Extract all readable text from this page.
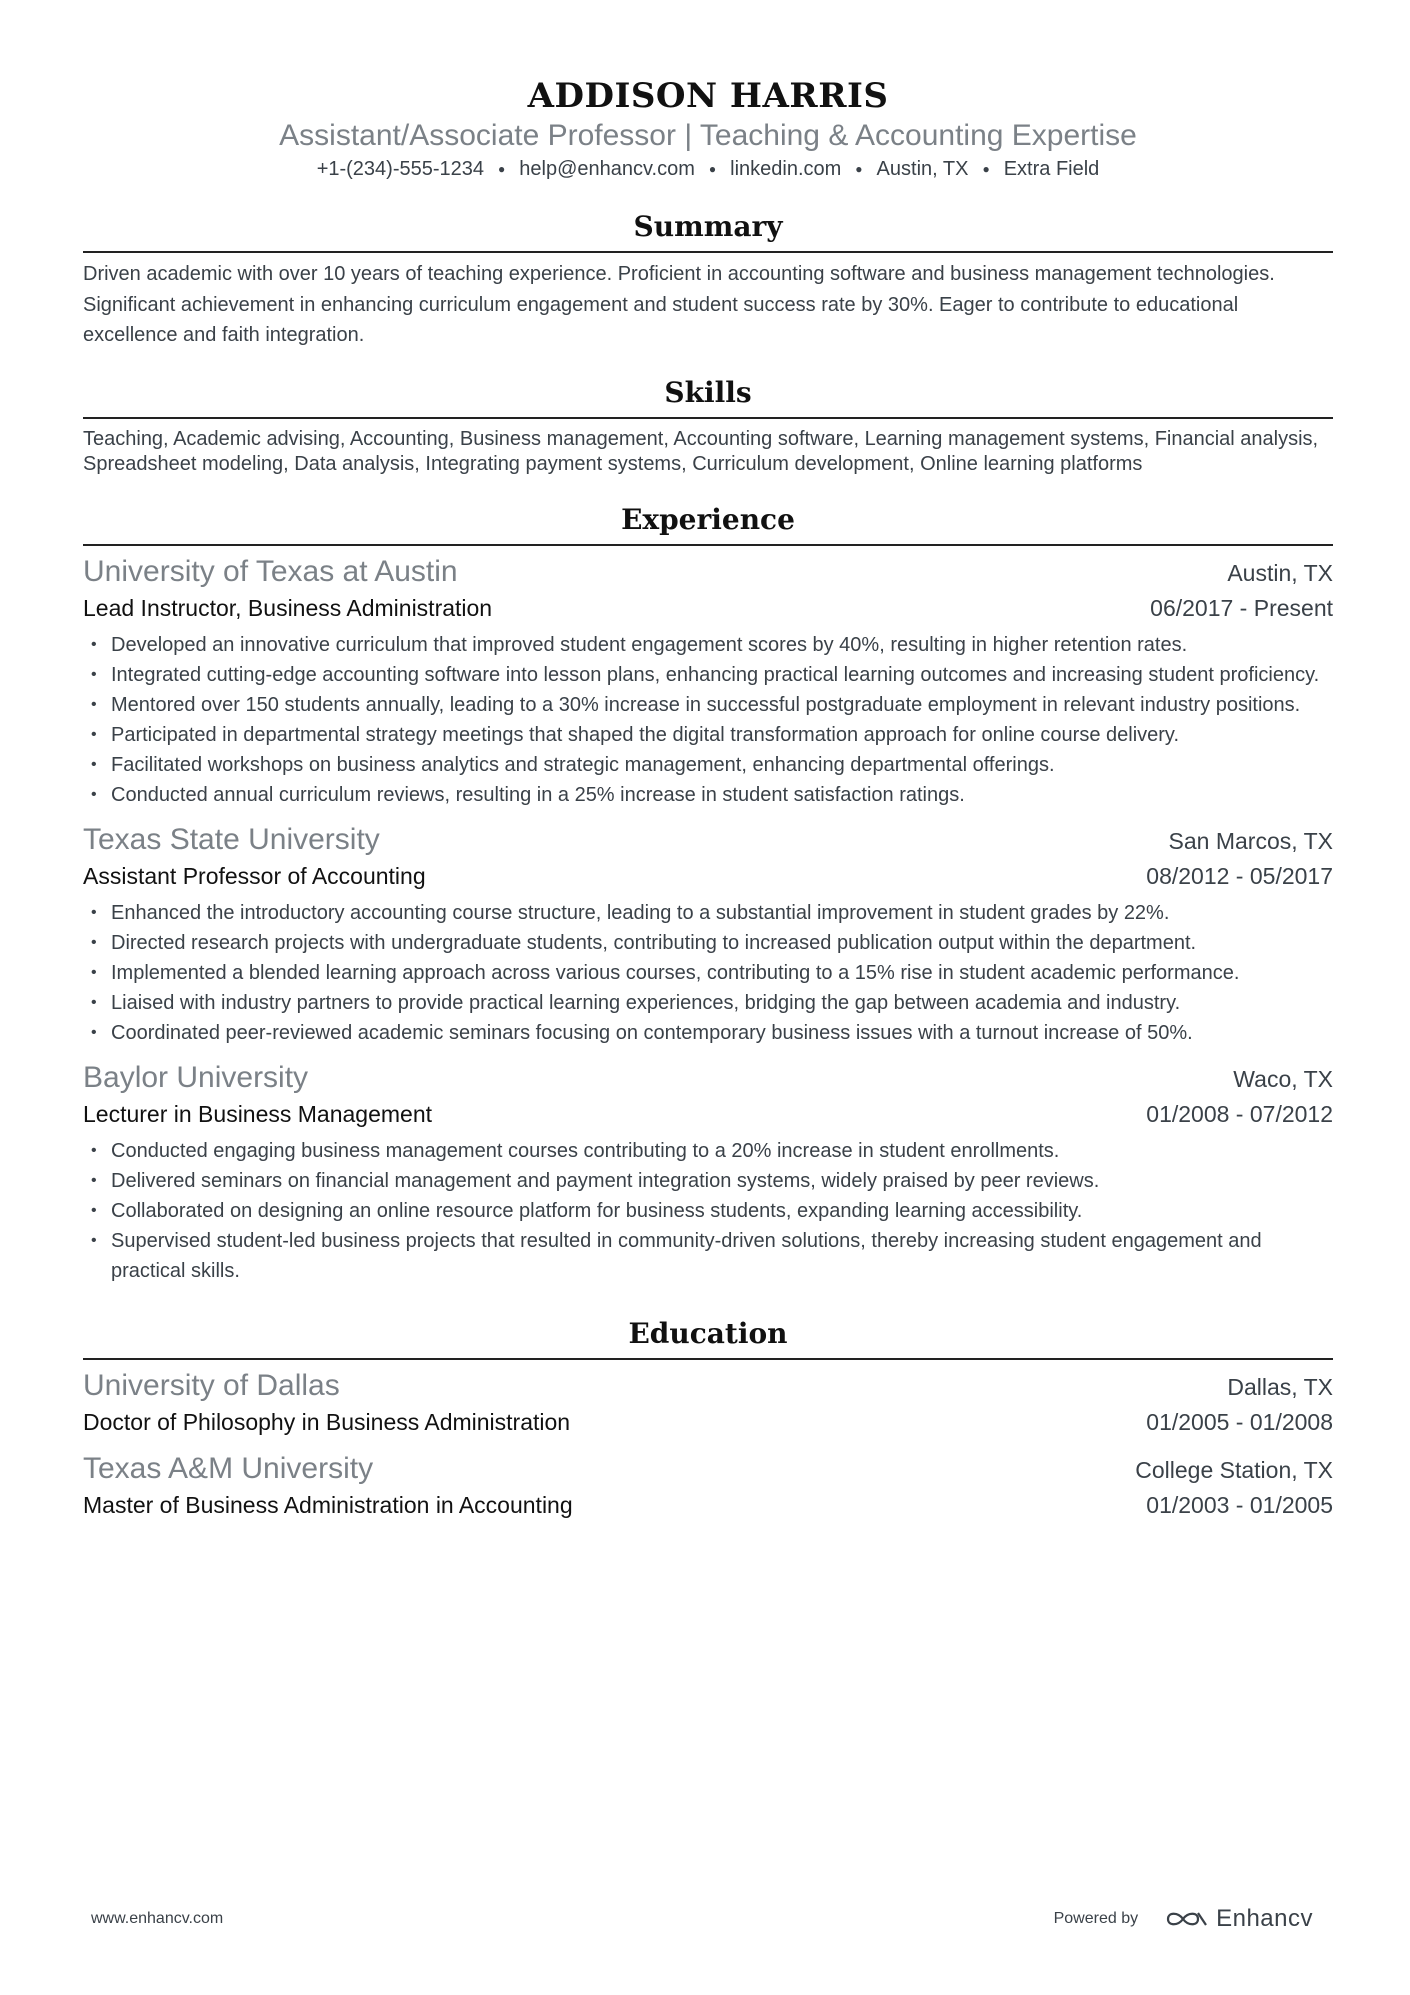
ADDISON HARRIS
Assistant/Associate Professor | Teaching & Accounting Expertise
+1-(234)-555-1234 ● help@enhancv.com ● linkedin.com ● Austin, TX ● Extra Field
Summary
Driven academic with over 10 years of teaching experience. Proficient in accounting software and business management technologies. Significant achievement in enhancing curriculum engagement and student success rate by 30%. Eager to contribute to educational excellence and faith integration.
Skills
Teaching, Academic advising, Accounting, Business management, Accounting software, Learning management systems, Financial analysis, Spreadsheet modeling, Data analysis, Integrating payment systems, Curriculum development, Online learning platforms
Experience
University of Texas at Austin	Austin, TX
Lead Instructor, Business Administration	06/2017 - Present
• Developed an innovative curriculum that improved student engagement scores by 40%, resulting in higher retention rates.
• Integrated cutting-edge accounting software into lesson plans, enhancing practical learning outcomes and increasing student proficiency.
• Mentored over 150 students annually, leading to a 30% increase in successful postgraduate employment in relevant industry positions.
• Participated in departmental strategy meetings that shaped the digital transformation approach for online course delivery.
• Facilitated workshops on business analytics and strategic management, enhancing departmental offerings.
• Conducted annual curriculum reviews, resulting in a 25% increase in student satisfaction ratings.
Texas State University	San Marcos, TX
Assistant Professor of Accounting	08/2012 - 05/2017
• Enhanced the introductory accounting course structure, leading to a substantial improvement in student grades by 22%.
• Directed research projects with undergraduate students, contributing to increased publication output within the department.
• Implemented a blended learning approach across various courses, contributing to a 15% rise in student academic performance.
• Liaised with industry partners to provide practical learning experiences, bridging the gap between academia and industry.
• Coordinated peer-reviewed academic seminars focusing on contemporary business issues with a turnout increase of 50%.
Baylor University	Waco, TX
Lecturer in Business Management	01/2008 - 07/2012
• Conducted engaging business management courses contributing to a 20% increase in student enrollments.
• Delivered seminars on financial management and payment integration systems, widely praised by peer reviews.
• Collaborated on designing an online resource platform for business students, expanding learning accessibility.
• Supervised student-led business projects that resulted in community-driven solutions, thereby increasing student engagement and practical skills.
Education
University of Dallas	Dallas, TX
Doctor of Philosophy in Business Administration	01/2005 - 01/2008
Texas A&M University	College Station, TX
Master of Business Administration in Accounting	01/2003 - 01/2005
www.enhancv.com	Powered by	Enhancv
